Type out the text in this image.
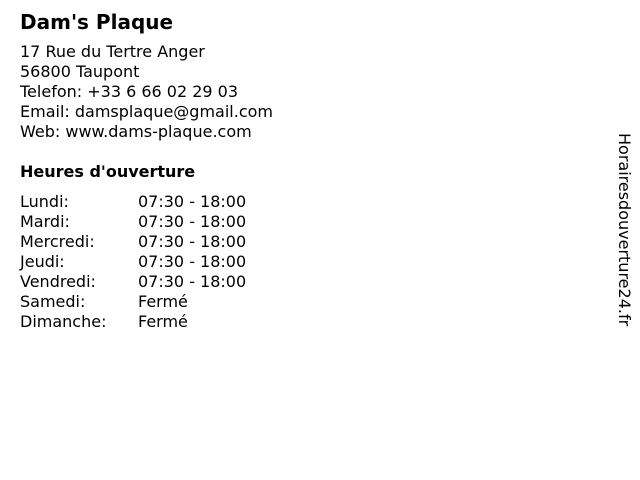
Dam's Plaque
17 Rue du Tertre Anger
56800 Taupont
Telefon: +33 6 66 02 29 03
Email: damsplaque@gmail.com
Web: www.dams-plaque.com
Heures d'ouverture
Lundi:	07:30 - 18:00
Mardi:	07:30 - 18:00
Mercredi:	07:30 - 18:00
Jeudi:	07:30 - 18:00
Vendredi:	07:30 - 18:00
Samedi:	Fermé
Dimanche:	Fermé	Horairesdouverture24.fr
